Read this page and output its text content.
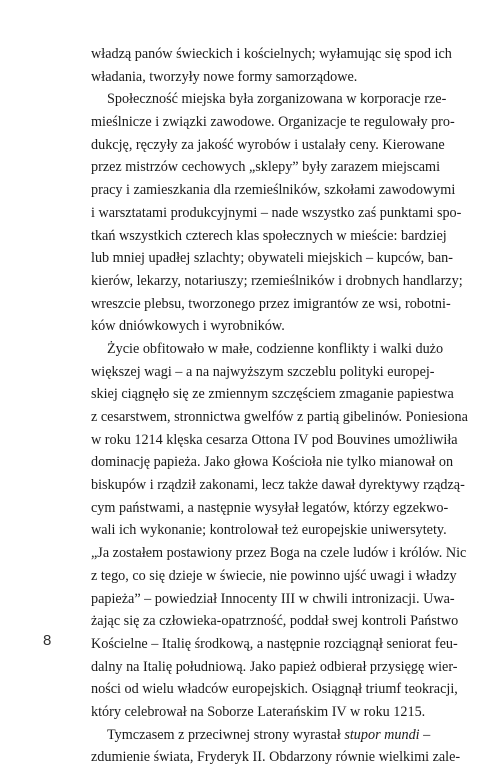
władzą panów świeckich i kościelnych; wyłamując się spod ich
władania, tworzyły nowe formy samorządowe.
Społeczność miejska była zorganizowana w korporacje rze-
mieślnicze i związki zawodowe. Organizacje te regulowały pro-
dukcję, ręczyły za jakość wyrobów i ustalały ceny. Kierowane
przez mistrzów cechowych „sklepy” były zarazem miejscami
pracy i zamieszkania dla rzemieślników, szkołami zawodowymi
i warsztatami produkcyjnymi – nade wszystko zaś punktami spo-
tkań wszystkich czterech klas społecznych w mieście: bardziej
lub mniej upadłej szlachty; obywateli miejskich – kupców, ban-
kierów, lekarzy, notariuszy; rzemieślników i drobnych handlarzy;
wreszcie plebsu, tworzonego przez imigrantów ze wsi, robotni-
ków dniówkowych i wyrobników.
Życie obfitowało w małe, codzienne konflikty i walki dużo
większej wagi – a na najwyższym szczeblu polityki europej-
skiej ciągnęło się ze zmiennym szczęściem zmaganie papiestwa
z cesarstwem, stronnictwa gwelfów z partią gibelinów. Poniesiona
w roku 1214 klęska cesarza Ottona IV pod Bouvines umożliwiła
dominację papieża. Jako głowa Kościoła nie tylko mianował on
biskupów i rządził zakonami, lecz także dawał dyrektywy rządzą-
cym państwami, a następnie wysyłał legatów, którzy egzekwo-
wali ich wykonanie; kontrolował też europejskie uniwersytety.
„Ja zostałem postawiony przez Boga na czele ludów i królów. Nic
z tego, co się dzieje w świecie, nie powinno ujść uwagi i władzy
papieża” – powiedział Innocenty III w chwili intronizacji. Uwa-
żając się za człowieka-opatrzność, poddał swej kontroli Państwo
Kościelne – Italię środkową, a następnie rozciągnął seniorat feu-
dalny na Italię południową. Jako papież odbierał przysięgę wier-
ności od wielu władców europejskich. Osiągnął triumf teokracji,
który celebrował na Soborze Laterańskim IV w roku 1215.
Tymczasem z przeciwnej strony wyrastał stupor mundi –
zdumienie świata, Fryderyk II. Obdarzony równie wielkimi zale-
8
